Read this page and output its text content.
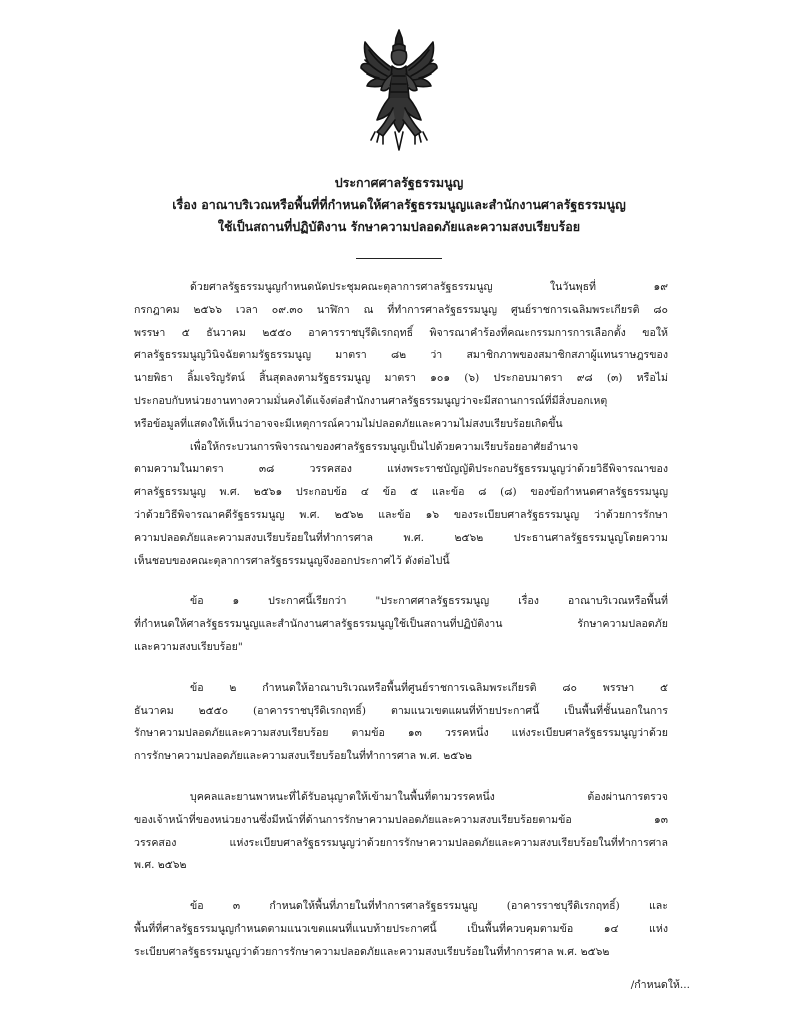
ประกาศศาลรัฐธรรมนูญ
เรื่อง อาณาบริเวณหรือพื้นที่ที่กำหนดให้ศาลรัฐธรรมนูญและสำนักงานศาลรัฐธรรมนูญ
ใช้เป็นสถานที่ปฏิบัติงาน รักษาความปลอดภัยและความสงบเรียบร้อย
ด้วยศาลรัฐธรรมนูญกำหนดนัดประชุมคณะตุลาการศาลรัฐธรรมนูญ ในวันพุธที่ ๑๙
กรกฎาคม ๒๕๖๖ เวลา ๐๙.๓๐ นาฬิกา ณ ที่ทำการศาลรัฐธรรมนูญ ศูนย์ราชการเฉลิมพระเกียรติ ๘๐
พรรษา ๕ ธันวาคม ๒๕๕๐ อาคารราชบุรีดิเรกฤทธิ์ พิจารณาคำร้องที่คณะกรรมการการเลือกตั้ง ขอให้
ศาลรัฐธรรมนูญวินิจฉัยตามรัฐธรรมนูญ มาตรา ๘๒ ว่า สมาชิกภาพของสมาชิกสภาผู้แทนราษฎรของ
นายพิธา ลิ้มเจริญรัตน์ สิ้นสุดลงตามรัฐธรรมนูญ มาตรา ๑๐๑ (๖) ประกอบมาตรา ๙๘ (๓) หรือไม่
ประกอบกับหน่วยงานทางความมั่นคงได้แจ้งต่อสำนักงานศาลรัฐธรรมนูญว่าจะมีสถานการณ์ที่มีสิ่งบอกเหตุ
หรือข้อมูลที่แสดงให้เห็นว่าอาจจะมีเหตุการณ์ความไม่ปลอดภัยและความไม่สงบเรียบร้อยเกิดขึ้น
เพื่อให้กระบวนการพิจารณาของศาลรัฐธรรมนูญเป็นไปด้วยความเรียบร้อยอาศัยอำนาจ
ตามความในมาตรา ๓๘ วรรคสอง แห่งพระราชบัญญัติประกอบรัฐธรรมนูญว่าด้วยวิธีพิจารณาของ
ศาลรัฐธรรมนูญ พ.ศ. ๒๕๖๑ ประกอบข้อ ๔ ข้อ ๕ และข้อ ๘ (๘) ของข้อกำหนดศาลรัฐธรรมนูญ
ว่าด้วยวิธีพิจารณาคดีรัฐธรรมนูญ พ.ศ. ๒๕๖๒ และข้อ ๑๖ ของระเบียบศาลรัฐธรรมนูญ ว่าด้วยการรักษา
ความปลอดภัยและความสงบเรียบร้อยในที่ทำการศาล พ.ศ. ๒๕๖๒ ประธานศาลรัฐธรรมนูญโดยความ
เห็นชอบของคณะตุลาการศาลรัฐธรรมนูญจึงออกประกาศไว้ ดังต่อไปนี้
ข้อ ๑ ประกาศนี้เรียกว่า "ประกาศศาลรัฐธรรมนูญ เรื่อง อาณาบริเวณหรือพื้นที่
ที่กำหนดให้ศาลรัฐธรรมนูญและสำนักงานศาลรัฐธรรมนูญใช้เป็นสถานที่ปฏิบัติงาน รักษาความปลอดภัย
และความสงบเรียบร้อย"
ข้อ ๒ กำหนดให้อาณาบริเวณหรือพื้นที่ศูนย์ราชการเฉลิมพระเกียรติ ๘๐ พรรษา ๕
ธันวาคม ๒๕๕๐ (อาคารราชบุรีดิเรกฤทธิ์) ตามแนวเขตแผนที่ท้ายประกาศนี้ เป็นพื้นที่ชั้นนอกในการ
รักษาความปลอดภัยและความสงบเรียบร้อย ตามข้อ ๑๓ วรรคหนึ่ง แห่งระเบียบศาลรัฐธรรมนูญว่าด้วย
การรักษาความปลอดภัยและความสงบเรียบร้อยในที่ทำการศาล พ.ศ. ๒๕๖๒
บุคคลและยานพาหนะที่ได้รับอนุญาตให้เข้ามาในพื้นที่ตามวรรคหนึ่ง ต้องผ่านการตรวจ
ของเจ้าหน้าที่ของหน่วยงานซึ่งมีหน้าที่ด้านการรักษาความปลอดภัยและความสงบเรียบร้อยตามข้อ ๑๓
วรรคสอง แห่งระเบียบศาลรัฐธรรมนูญว่าด้วยการรักษาความปลอดภัยและความสงบเรียบร้อยในที่ทำการศาล
พ.ศ. ๒๕๖๒
ข้อ ๓ กำหนดให้พื้นที่ภายในที่ทำการศาลรัฐธรรมนูญ (อาคารราชบุรีดิเรกฤทธิ์) และ
พื้นที่ที่ศาลรัฐธรรมนูญกำหนดตามแนวเขตแผนที่แนบท้ายประกาศนี้ เป็นพื้นที่ควบคุมตามข้อ ๑๔ แห่ง
ระเบียบศาลรัฐธรรมนูญว่าด้วยการรักษาความปลอดภัยและความสงบเรียบร้อยในที่ทำการศาล พ.ศ. ๒๕๖๒
/กำหนดให้...
